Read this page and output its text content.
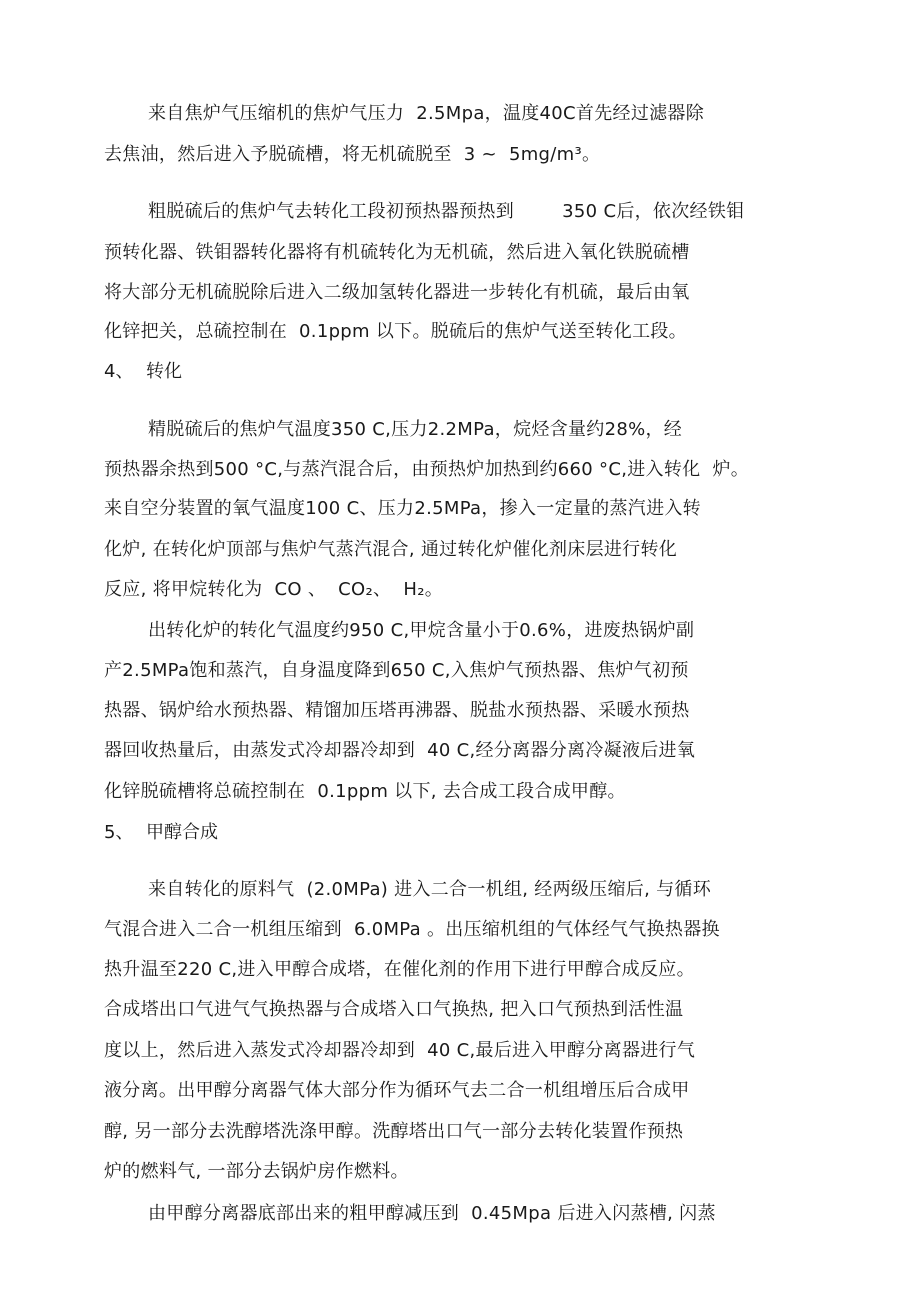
来自焦炉气压缩机的焦炉气压力  2.5Mpa，温度40C首先经过滤器除
去焦油，然后进入予脱硫槽，将无机硫脱至  3 ~  5mg/m³。
粗脱硫后的焦炉气去转化工段初预热器预热到        350 C后，依次经铁钼
预转化器、铁钼器转化器将有机硫转化为无机硫，然后进入氧化铁脱硫槽
将大部分无机硫脱除后进入二级加氢转化器进一步转化有机硫，最后由氧
化锌把关，总硫控制在  0.1ppm 以下。脱硫后的焦炉气送至转化工段。
4、 转化
精脱硫后的焦炉气温度350 C,压力2.2MPa，烷烃含量约28%，经
预热器余热到500 °C,与蒸汽混合后，由预热炉加热到约660 °C,进入转化  炉。
来自空分装置的氧气温度100 C、压力2.5MPa，掺入一定量的蒸汽进入转
化炉, 在转化炉顶部与焦炉气蒸汽混合, 通过转化炉催化剂床层进行转化
反应, 将甲烷转化为  CO 、  CO₂、  H₂。
出转化炉的转化气温度约950 C,甲烷含量小于0.6%，进废热锅炉副
产2.5MPa饱和蒸汽，自身温度降到650 C,入焦炉气预热器、焦炉气初预
热器、锅炉给水预热器、精馏加压塔再沸器、脱盐水预热器、采暖水预热
器回收热量后，由蒸发式冷却器冷却到  40 C,经分离器分离冷凝液后进氧
化锌脱硫槽将总硫控制在  0.1ppm 以下, 去合成工段合成甲醇。
5、 甲醇合成
来自转化的原料气  (2.0MPa) 进入二合一机组, 经两级压缩后, 与循环
气混合进入二合一机组压缩到  6.0MPa 。出压缩机组的气体经气气换热器换
热升温至220 C,进入甲醇合成塔，在催化剂的作用下进行甲醇合成反应。
合成塔出口气进气气换热器与合成塔入口气换热, 把入口气预热到活性温
度以上，然后进入蒸发式冷却器冷却到  40 C,最后进入甲醇分离器进行气
液分离。出甲醇分离器气体大部分作为循环气去二合一机组增压后合成甲
醇, 另一部分去洗醇塔洗涤甲醇。洗醇塔出口气一部分去转化装置作预热
炉的燃料气, 一部分去锅炉房作燃料。
由甲醇分离器底部出来的粗甲醇减压到  0.45Mpa 后进入闪蒸槽, 闪蒸
